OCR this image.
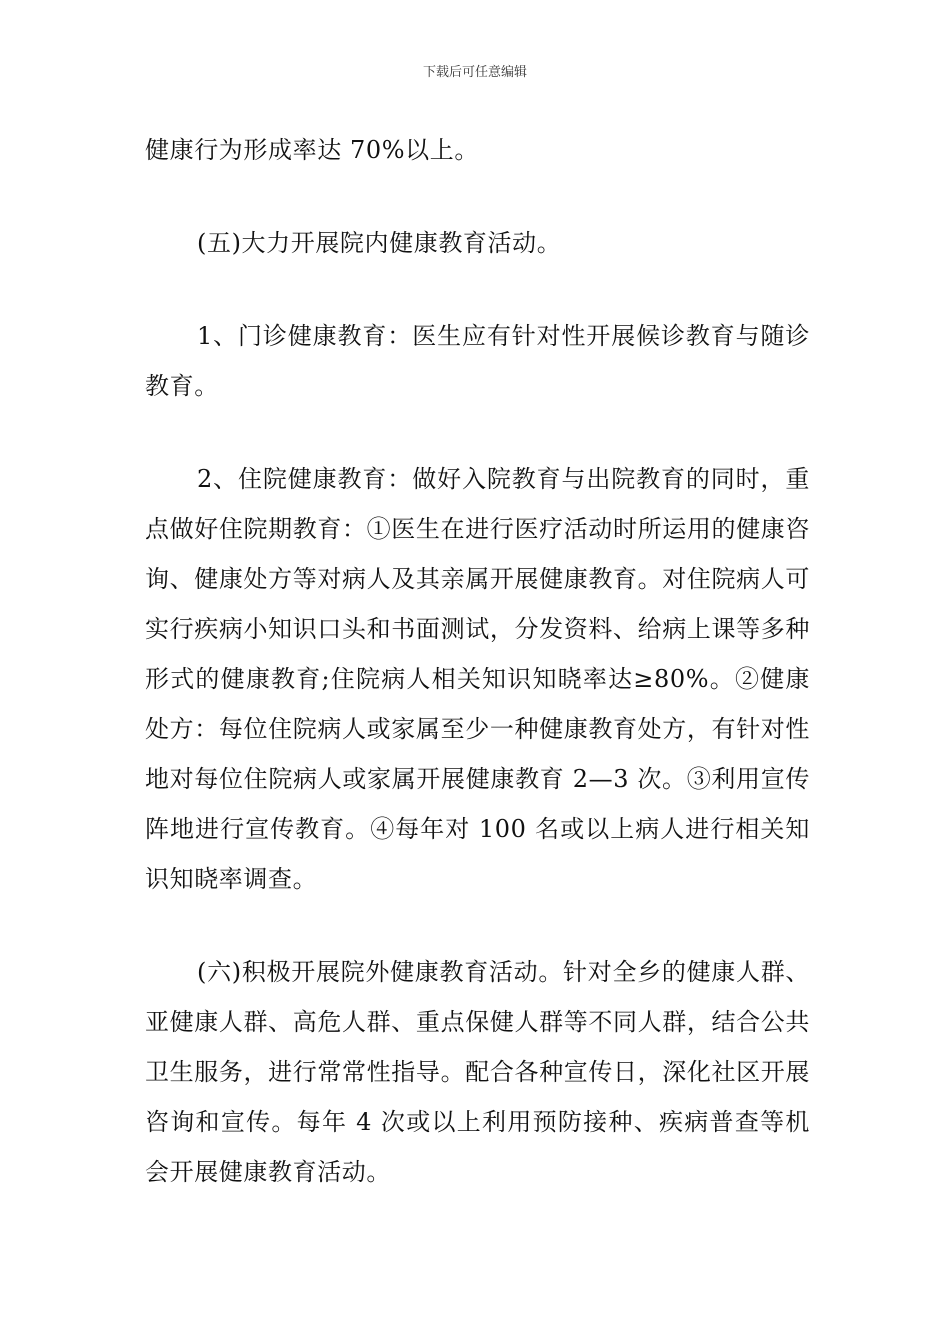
下载后可任意编辑

健康行为形成率达 70%以上。

(五)大力开展院内健康教育活动。

1、门诊健康教育：医生应有针对性开展候诊教育与随诊教育。

2、住院健康教育：做好入院教育与出院教育的同时，重点做好住院期教育：①医生在进行医疗活动时所运用的健康咨询、健康处方等对病人及其亲属开展健康教育。对住院病人可实行疾病小知识口头和书面测试，分发资料、给病上课等多种形式的健康教育;住院病人相关知识知晓率达≥80%。②健康处方：每位住院病人或家属至少一种健康教育处方，有针对性地对每位住院病人或家属开展健康教育 2—3 次。③利用宣传阵地进行宣传教育。④每年对 100 名或以上病人进行相关知识知晓率调查。

(六)积极开展院外健康教育活动。针对全乡的健康人群、亚健康人群、高危人群、重点保健人群等不同人群，结合公共卫生服务，进行常常性指导。配合各种宣传日，深化社区开展咨询和宣传。每年 4 次或以上利用预防接种、疾病普查等机会开展健康教育活动。
